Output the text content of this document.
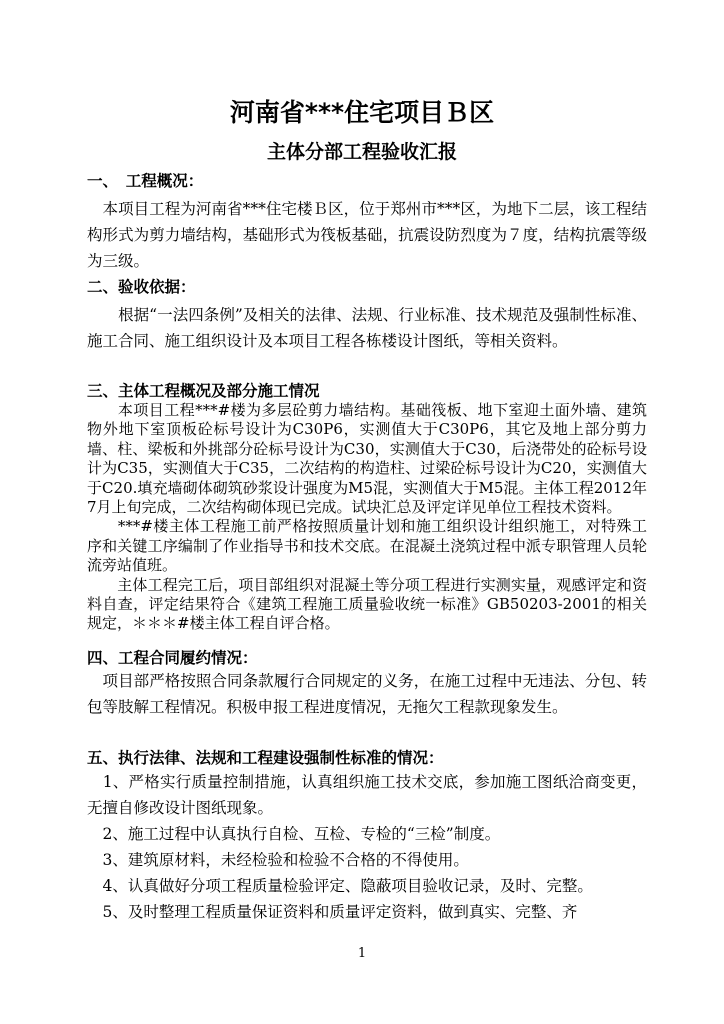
河南省***住宅项目Ｂ区
主体分部工程验收汇报
一、　工程概况：
　本项目工程为河南省***住宅楼Ｂ区，位于郑州市***区，为地下二层，该工程结构形式为剪力墙结构，基础形式为筏板基础，抗震设防烈度为７度，结构抗震等级为三级。
二、验收依据：
　　根据“一法四条例”及相关的法律、法规、行业标准、技术规范及强制性标准、施工合同、施工组织设计及本项目工程各栋楼设计图纸，等相关资料。
三、主体工程概况及部分施工情况
　　本项目工程***#楼为多层砼剪力墙结构。基础筏板、地下室迎土面外墙、建筑物外地下室顶板砼标号设计为C30P6，实测值大于C30P6，其它及地上部分剪力墙、柱、梁板和外挑部分砼标号设计为C30，实测值大于C30，后浇带处的砼标号设计为C35，实测值大于C35，二次结构的构造柱、过梁砼标号设计为C20，实测值大于C20.填充墙砌体砌筑砂浆设计强度为M5混，实测值大于M5混。主体工程2012年7月上旬完成，二次结构砌体现已完成。试块汇总及评定详见单位工程技术资料。
　　***#楼主体工程施工前严格按照质量计划和施工组织设计组织施工，对特殊工序和关键工序编制了作业指导书和技术交底。在混凝土浇筑过程中派专职管理人员轮流旁站值班。
　　主体工程完工后，项目部组织对混凝土等分项工程进行实测实量，观感评定和资料自查，评定结果符合《建筑工程施工质量验收统一标准》GB50203-2001的相关规定，＊＊＊#楼主体工程自评合格。
四、工程合同履约情况：
　项目部严格按照合同条款履行合同规定的义务，在施工过程中无违法、分包、转包等肢解工程情况。积极申报工程进度情况，无拖欠工程款现象发生。
五、执行法律、法规和工程建设强制性标准的情况：
　1、严格实行质量控制措施，认真组织施工技术交底，参加施工图纸洽商变更，无擅自修改设计图纸现象。
　2、施工过程中认真执行自检、互检、专检的“三检”制度。
　3、建筑原材料，未经检验和检验不合格的不得使用。
　4、认真做好分项工程质量检验评定、隐蔽项目验收记录，及时、完整。
　5、及时整理工程质量保证资料和质量评定资料，做到真实、完整、齐
1
